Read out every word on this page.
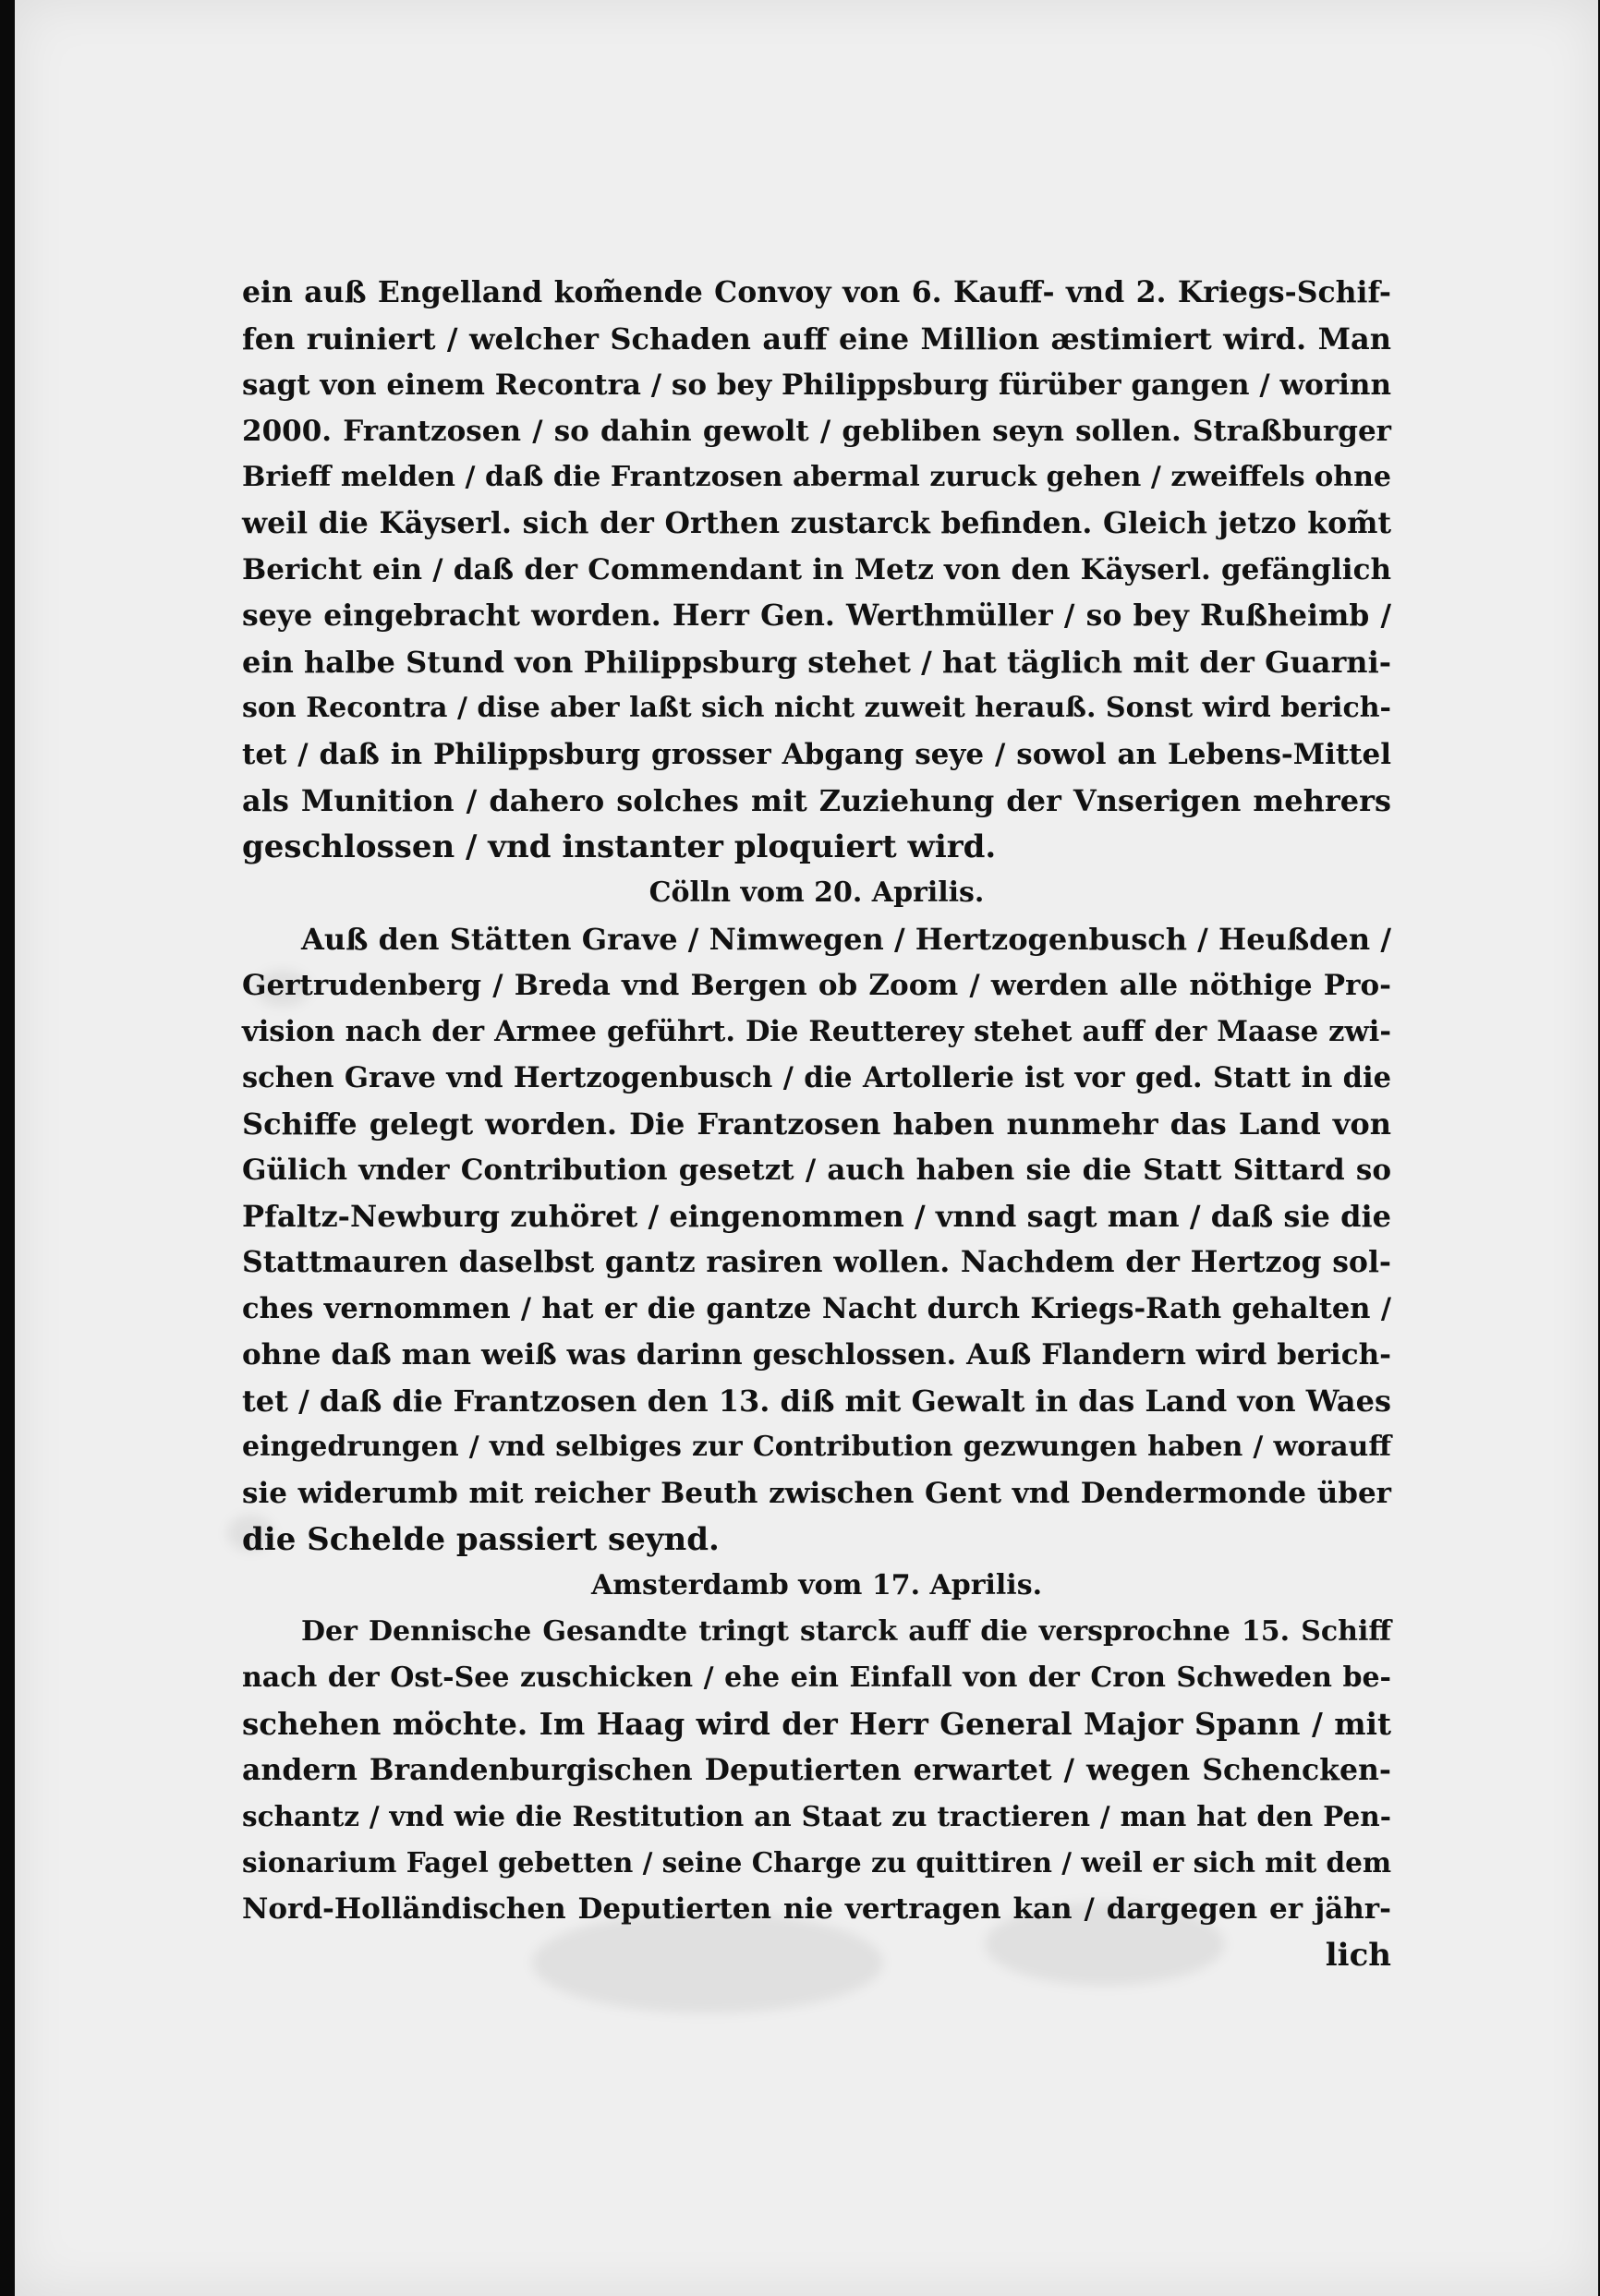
ein auß Engelland kom̃ende Convoy von 6. Kauff- vnd 2. Kriegs-Schif-
fen ruiniert / welcher Schaden auff eine Million æstimiert wird. Man
sagt von einem Recontra / so bey Philippsburg fürüber gangen / worinn
2000. Frantzosen / so dahin gewolt / gebliben seyn sollen. Straßburger
Brieff melden / daß die Frantzosen abermal zuruck gehen / zweiffels ohne
weil die Käyserl. sich der Orthen zustarck befinden. Gleich jetzo kom̃t
Bericht ein / daß der Commendant in Metz von den Käyserl. gefänglich
seye eingebracht worden. Herr Gen. Werthmüller / so bey Rußheimb /
ein halbe Stund von Philippsburg stehet / hat täglich mit der Guarni-
son Recontra / dise aber laßt sich nicht zuweit herauß. Sonst wird berich-
tet / daß in Philippsburg grosser Abgang seye / sowol an Lebens-Mittel
als Munition / dahero solches mit Zuziehung der Vnserigen mehrers
geschlossen / vnd instanter ploquiert wird.
Cölln vom 20. Aprilis.
Auß den Stätten Grave / Nimwegen / Hertzogenbusch / Heußden /
Gertrudenberg / Breda vnd Bergen ob Zoom / werden alle nöthige Pro-
vision nach der Armee geführt. Die Reutterey stehet auff der Maase zwi-
schen Grave vnd Hertzogenbusch / die Artollerie ist vor ged. Statt in die
Schiffe gelegt worden. Die Frantzosen haben nunmehr das Land von
Gülich vnder Contribution gesetzt / auch haben sie die Statt Sittard so
Pfaltz-Newburg zuhöret / eingenommen / vnnd sagt man / daß sie die
Stattmauren daselbst gantz rasiren wollen. Nachdem der Hertzog sol-
ches vernommen / hat er die gantze Nacht durch Kriegs-Rath gehalten /
ohne daß man weiß was darinn geschlossen. Auß Flandern wird berich-
tet / daß die Frantzosen den 13. diß mit Gewalt in das Land von Waes
eingedrungen / vnd selbiges zur Contribution gezwungen haben / worauff
sie widerumb mit reicher Beuth zwischen Gent vnd Dendermonde über
die Schelde passiert seynd.
Amsterdamb vom 17. Aprilis.
Der Dennische Gesandte tringt starck auff die versprochne 15. Schiff
nach der Ost-See zuschicken / ehe ein Einfall von der Cron Schweden be-
schehen möchte. Im Haag wird der Herr General Major Spann / mit
andern Brandenburgischen Deputierten erwartet / wegen Schencken-
schantz / vnd wie die Restitution an Staat zu tractieren / man hat den Pen-
sionarium Fagel gebetten / seine Charge zu quittiren / weil er sich mit dem
Nord-Holländischen Deputierten nie vertragen kan / dargegen er jähr-
lich
